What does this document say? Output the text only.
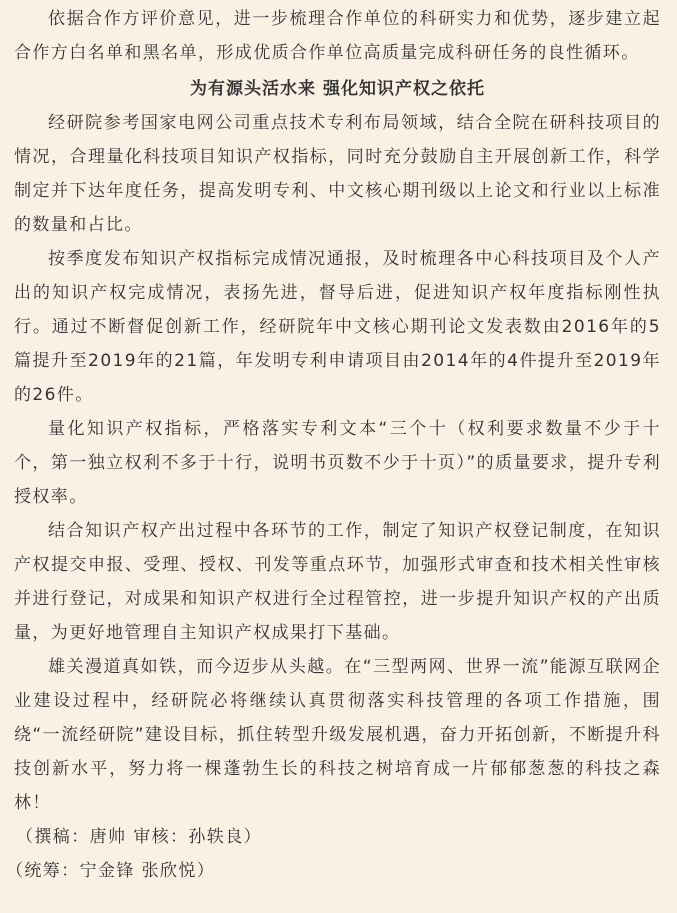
依据合作方评价意见，进一步梳理合作单位的科研实力和优势，逐步建立起合作方白名单和黑名单，形成优质合作单位高质量完成科研任务的良性循环。

为有源头活水来 强化知识产权之依托

经研院参考国家电网公司重点技术专利布局领域，结合全院在研科技项目的情况，合理量化科技项目知识产权指标，同时充分鼓励自主开展创新工作，科学制定并下达年度任务，提高发明专利、中文核心期刊级以上论文和行业以上标准的数量和占比。

按季度发布知识产权指标完成情况通报，及时梳理各中心科技项目及个人产出的知识产权完成情况，表扬先进，督导后进，促进知识产权年度指标刚性执行。通过不断督促创新工作，经研院年中文核心期刊论文发表数由2016年的5篇提升至2019年的21篇，年发明专利申请项目由2014年的4件提升至2019年的26件。

量化知识产权指标，严格落实专利文本“三个十（权利要求数量不少于十个，第一独立权利不多于十行，说明书页数不少于十页）”的质量要求，提升专利授权率。

结合知识产权产出过程中各环节的工作，制定了知识产权登记制度，在知识产权提交申报、受理、授权、刊发等重点环节，加强形式审查和技术相关性审核并进行登记，对成果和知识产权进行全过程管控，进一步提升知识产权的产出质量，为更好地管理自主知识产权成果打下基础。

雄关漫道真如铁，而今迈步从头越。在“三型两网、世界一流”能源互联网企业建设过程中，经研院必将继续认真贯彻落实科技管理的各项工作措施，围绕“一流经研院”建设目标，抓住转型升级发展机遇，奋力开拓创新，不断提升科技创新水平，努力将一棵蓬勃生长的科技之树培育成一片郁郁葱葱的科技之森林！

（撰稿：唐帅 审核：孙轶良）

（统筹：宁金锋 张欣悦）
